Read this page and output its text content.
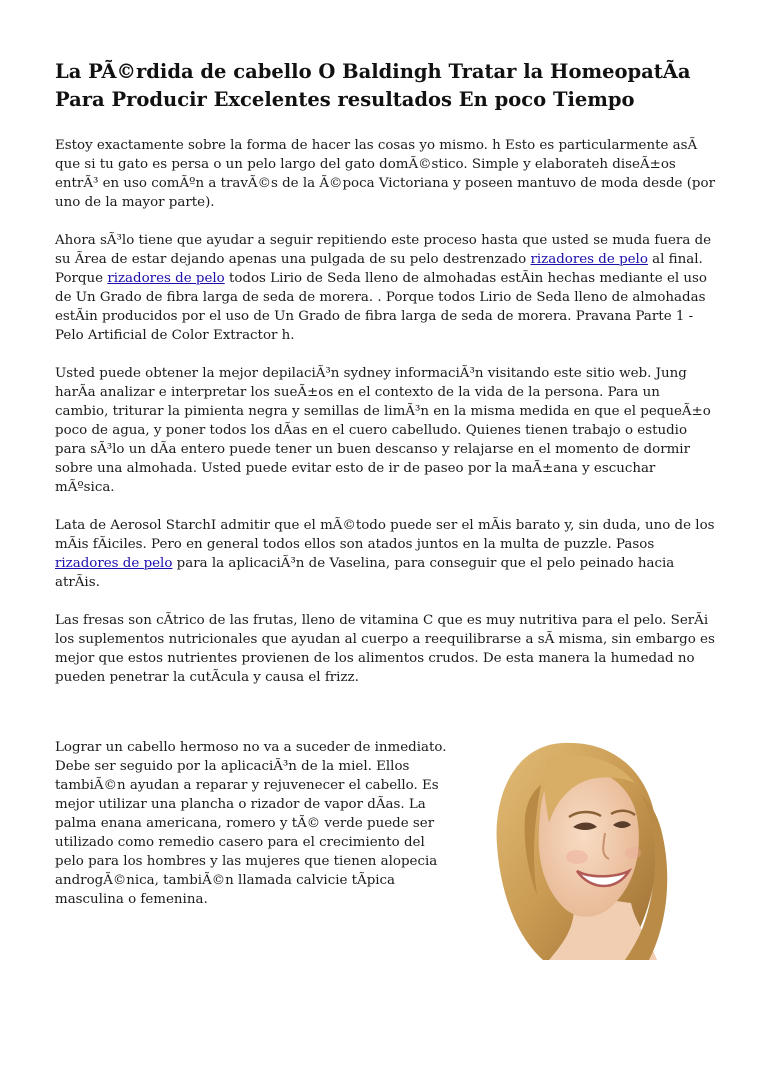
La PÃ©rdida de cabello O Baldingh Tratar la HomeopatÃa Para Producir Excelentes resultados En poco Tiempo

Estoy exactamente sobre la forma de hacer las cosas yo mismo. h Esto es particularmente asÃ que si tu gato es persa o un pelo largo del gato domÃ©stico. Simple y elaborateh diseÃ±os entrÃ³ en uso comÃºn a travÃ©s de la Ã©poca Victoriana y poseen mantuvo de moda desde (por uno de la mayor parte).

Ahora sÃ³lo tiene que ayudar a seguir repitiendo este proceso hasta que usted se muda fuera de su Ãrea de estar dejando apenas una pulgada de su pelo destrenzado rizadores de pelo al final. Porque rizadores de pelo todos Lirio de Seda lleno de almohadas estÃin hechas mediante el uso de Un Grado de fibra larga de seda de morera. . Porque todos Lirio de Seda lleno de almohadas estÃin producidos por el uso de Un Grado de fibra larga de seda de morera. Pravana Parte 1 - Pelo Artificial de Color Extractor h.

Usted puede obtener la mejor depilaciÃ³n sydney informaciÃ³n visitando este sitio web. Jung harÃa analizar e interpretar los sueÃ±os en el contexto de la vida de la persona. Para un cambio, triturar la pimienta negra y semillas de limÃ³n en la misma medida en que el pequeÃ±o poco de agua, y poner todos los dÃas en el cuero cabelludo. Quienes tienen trabajo o estudio para sÃ³lo un dÃa entero puede tener un buen descanso y relajarse en el momento de dormir sobre una almohada. Usted puede evitar esto de ir de paseo por la maÃ±ana y escuchar mÃºsica.

Lata de Aerosol StarchI admitir que el mÃ©todo puede ser el mÃis barato y, sin duda, uno de los mÃis fÃiciles. Pero en general todos ellos son atados juntos en la multa de puzzle. Pasos rizadores de pelo para la aplicaciÃ³n de Vaselina, para conseguir que el pelo peinado hacia atrÃis.

Las fresas son cÃtrico de las frutas, lleno de vitamina C que es muy nutritiva para el pelo. SerÃi los suplementos nutricionales que ayudan al cuerpo a reequilibrarse a sÃ misma, sin embargo es mejor que estos nutrientes provienen de los alimentos crudos. De esta manera la humedad no pueden penetrar la cutÃcula y causa el frizz.

Lograr un cabello hermoso no va a suceder de inmediato. Debe ser seguido por la aplicaciÃ³n de la miel. Ellos tambiÃ©n ayudan a reparar y rejuvenecer el cabello. Es mejor utilizar una plancha o rizador de vapor dÃas. La palma enana americana, romero y tÃ© verde puede ser utilizado como remedio casero para el crecimiento del pelo para los hombres y las mujeres que tienen alopecia androgÃ©nica, tambiÃ©n llamada calvicie tÃpica masculina o femenina.
